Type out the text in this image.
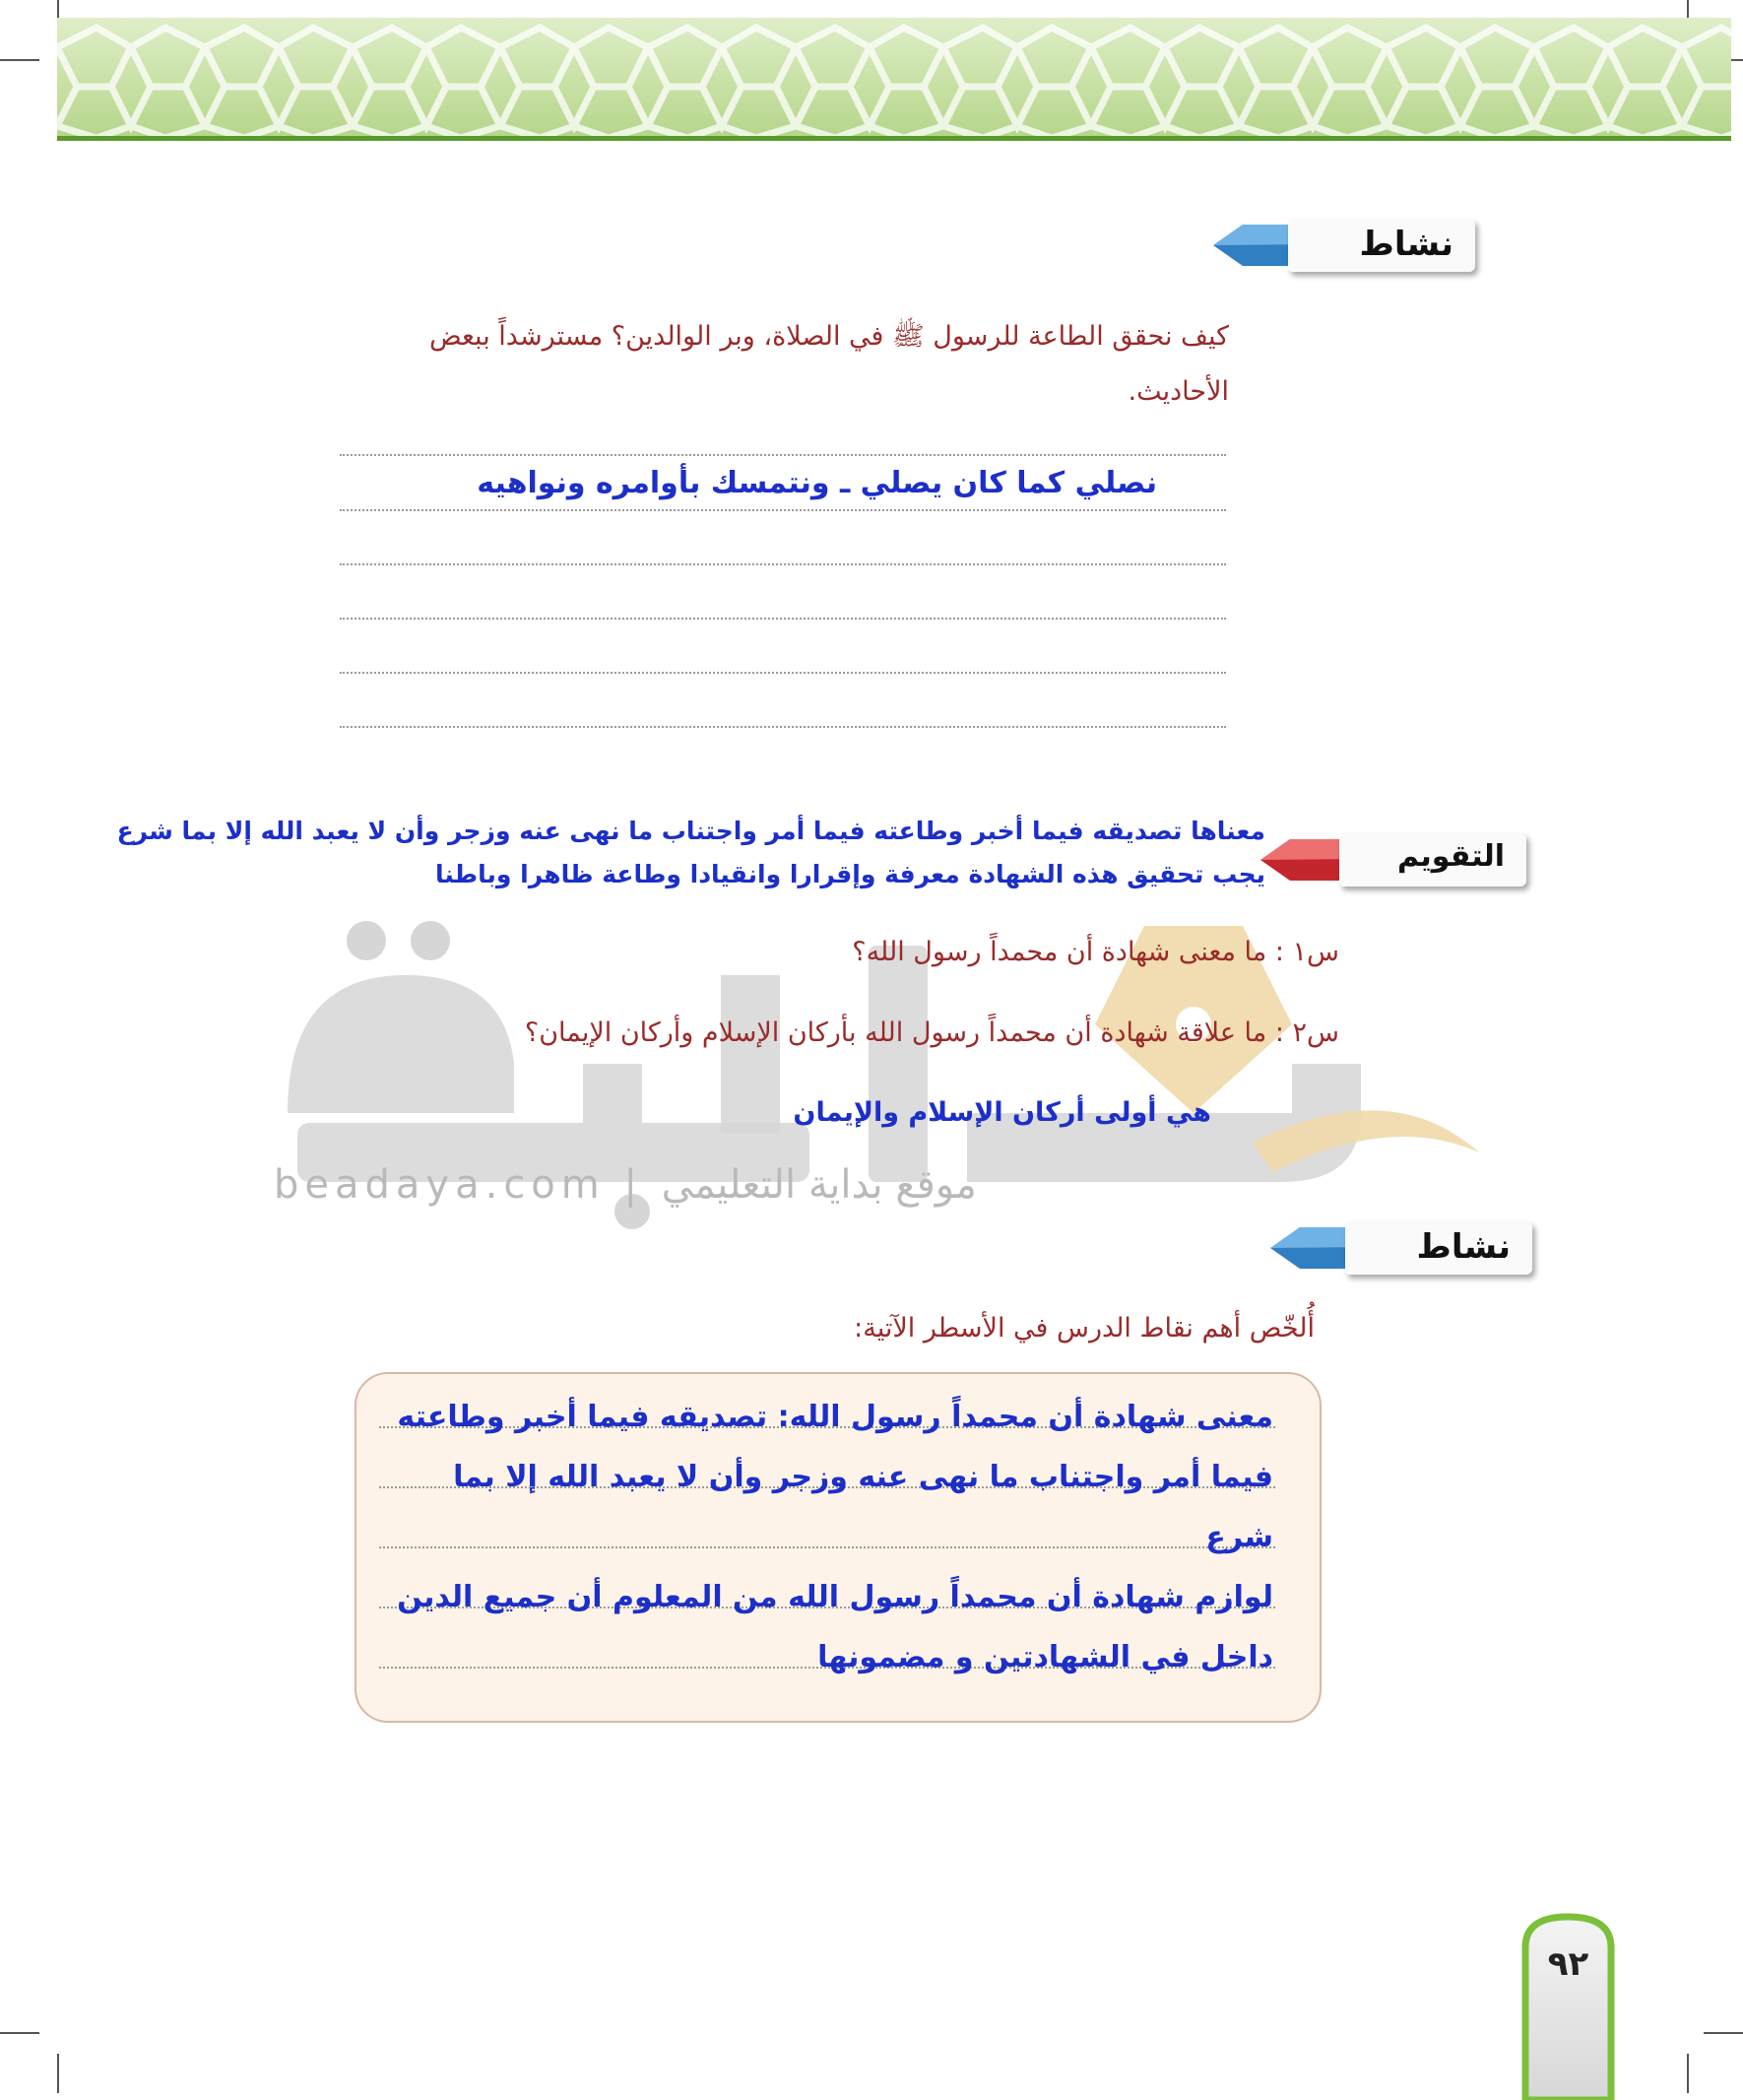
نشاط
كيف نحقق الطاعة للرسول ﷺ في الصلاة، وبر الوالدين؟ مسترشداً ببعض
الأحاديث.
نصلي كما كان يصلي ـ ونتمسك بأوامره ونواهيه
beadaya.com | موقع بداية التعليمي
التقويم
معناها تصديقه فيما أخبر وطاعته فيما أمر واجتناب ما نهى عنه وزجر وأن لا يعبد الله إلا بما شرع
يجب تحقيق هذه الشهادة معرفة وإقرارا وانقيادا وطاعة ظاهرا وباطنا
س١ : ما معنى شهادة أن محمداً رسول الله؟
س٢ : ما علاقة شهادة أن محمداً رسول الله بأركان الإسلام وأركان الإيمان؟
هي أولى أركان الإسلام والإيمان
نشاط
أُلخّص أهم نقاط الدرس في الأسطر الآتية:
معنى شهادة أن محمداً رسول الله: تصديقه فيما أخبر وطاعته
فيما أمر واجتناب ما نهى عنه وزجر وأن لا يعبد الله إلا بما
شرع
لوازم شهادة أن محمداً رسول الله من المعلوم أن جميع الدين
داخل في الشهادتين و مضمونها
٩٢
